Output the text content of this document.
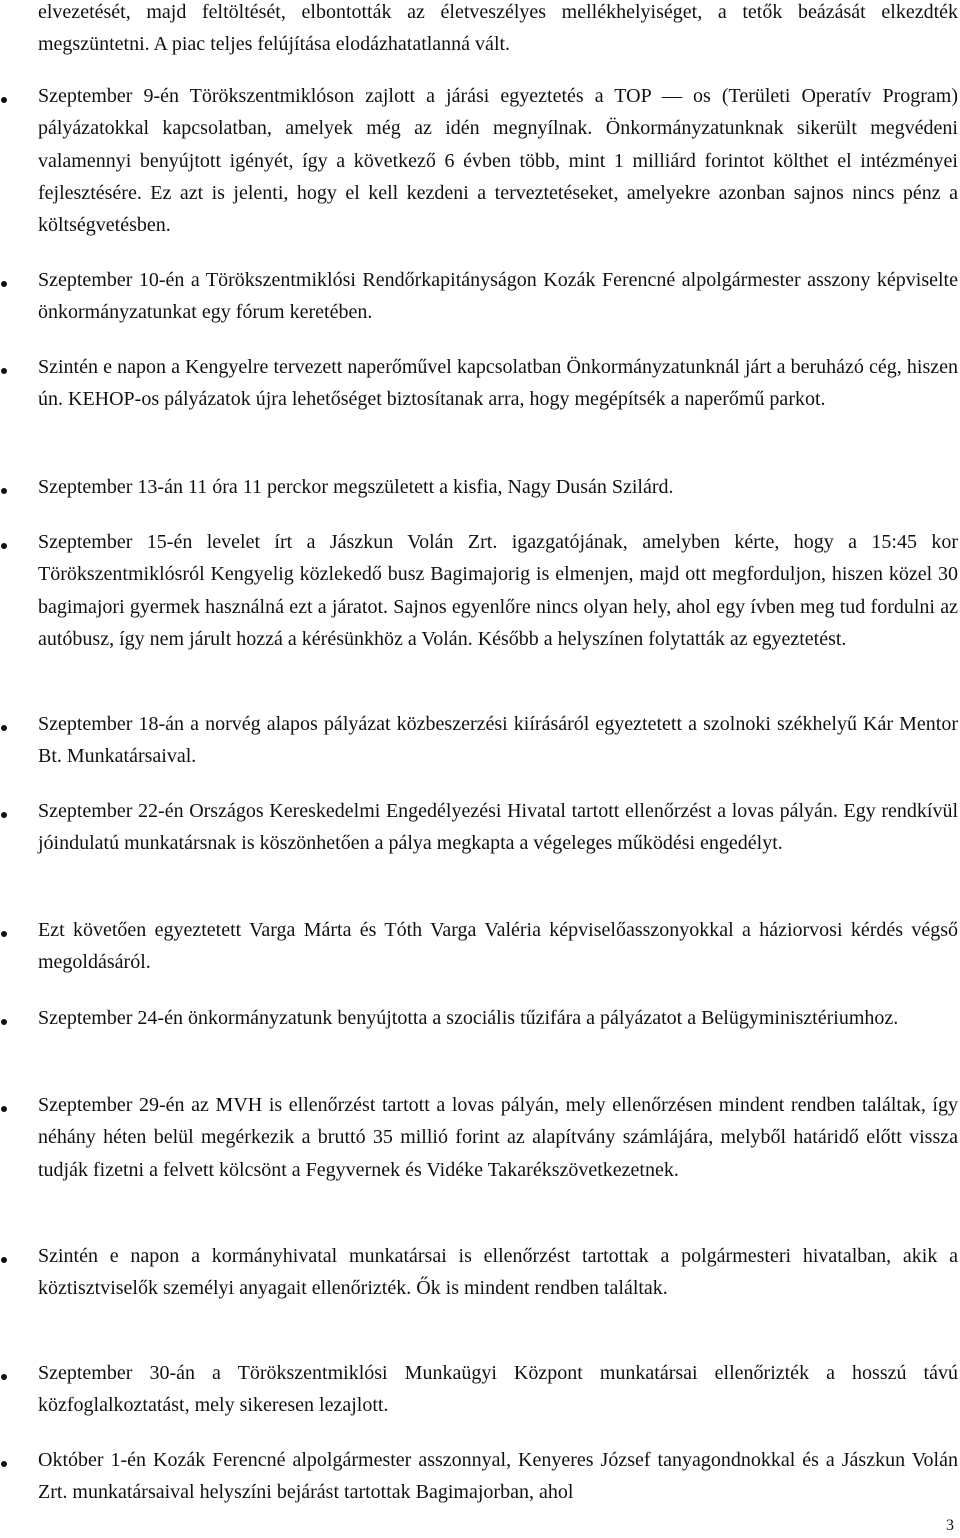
elvezetését, majd feltöltését, elbontották az életveszélyes mellékhelyiséget, a tetők beázását elkezdték megszüntetni. A piac teljes felújítása elodázhatatlanná vált.

Szeptember 9-én Törökszentmiklóson zajlott a járási egyeztetés a TOP ― os (Területi Operatív Program) pályázatokkal kapcsolatban, amelyek még az idén megnyílnak. Önkormányzatunknak sikerült megvédeni valamennyi benyújtott igényét, így a következő 6 évben több, mint 1 milliárd forintot költhet el intézményei fejlesztésére. Ez azt is jelenti, hogy el kell kezdeni a terveztetéseket, amelyekre azonban sajnos nincs pénz a költségvetésben.

Szeptember 10-én a Törökszentmiklósi Rendőrkapitányságon Kozák Ferencné alpolgármester asszony képviselte önkormányzatunkat egy fórum keretében.

Szintén e napon a Kengyelre tervezett naperőművel kapcsolatban Önkormányzatunknál járt a beruházó cég, hiszen ún. KEHOP-os pályázatok újra lehetőséget biztosítanak arra, hogy megépítsék a naperőmű parkot.

Szeptember 13-án 11 óra 11 perckor megszületett a kisfia, Nagy Dusán Szilárd.

Szeptember 15-én levelet írt a Jászkun Volán Zrt. igazgatójának, amelyben kérte, hogy a 15:45 kor Törökszentmiklósról Kengyelig közlekedő busz Bagimajorig is elmenjen, majd ott megforduljon, hiszen közel 30 bagimajori gyermek használná ezt a járatot. Sajnos egyenlőre nincs olyan hely, ahol egy ívben meg tud fordulni az autóbusz, így nem járult hozzá a kérésünkhöz a Volán. Később a helyszínen folytatták az egyeztetést.

Szeptember 18-án a norvég alapos pályázat közbeszerzési kiírásáról egyeztetett a szolnoki székhelyű Kár Mentor Bt. Munkatársaival.

Szeptember 22-én Országos Kereskedelmi Engedélyezési Hivatal tartott ellenőrzést a lovas pályán. Egy rendkívül jóindulatú munkatársnak is köszönhetően a pálya megkapta a végeleges működési engedélyt.

Ezt követően egyeztetett Varga Márta és Tóth Varga Valéria képviselőasszonyokkal a háziorvosi kérdés végső megoldásáról.

Szeptember 24-én önkormányzatunk benyújtotta a szociális tűzifára a pályázatot a Belügyminisztériumhoz.

Szeptember 29-én az MVH is ellenőrzést tartott a lovas pályán, mely ellenőrzésen mindent rendben találtak, így néhány héten belül megérkezik a bruttó 35 millió forint az alapítvány számlájára, melyből határidő előtt vissza tudják fizetni a felvett kölcsönt a Fegyvernek és Vidéke Takarékszövetkezetnek.

Szintén e napon a kormányhivatal munkatársai is ellenőrzést tartottak a polgármesteri hivatalban, akik a köztisztviselők személyi anyagait ellenőrizték. Ők is mindent rendben találtak.

Szeptember 30-án a Törökszentmiklósi Munkaügyi Központ munkatársai ellenőrizték a hosszú távú közfoglalkoztatást, mely sikeresen lezajlott.

Október 1-én Kozák Ferencné alpolgármester asszonnyal, Kenyeres József tanyagondnokkal és a Jászkun Volán Zrt. munkatársaival helyszíni bejárást tartottak Bagimajorban, ahol

3
